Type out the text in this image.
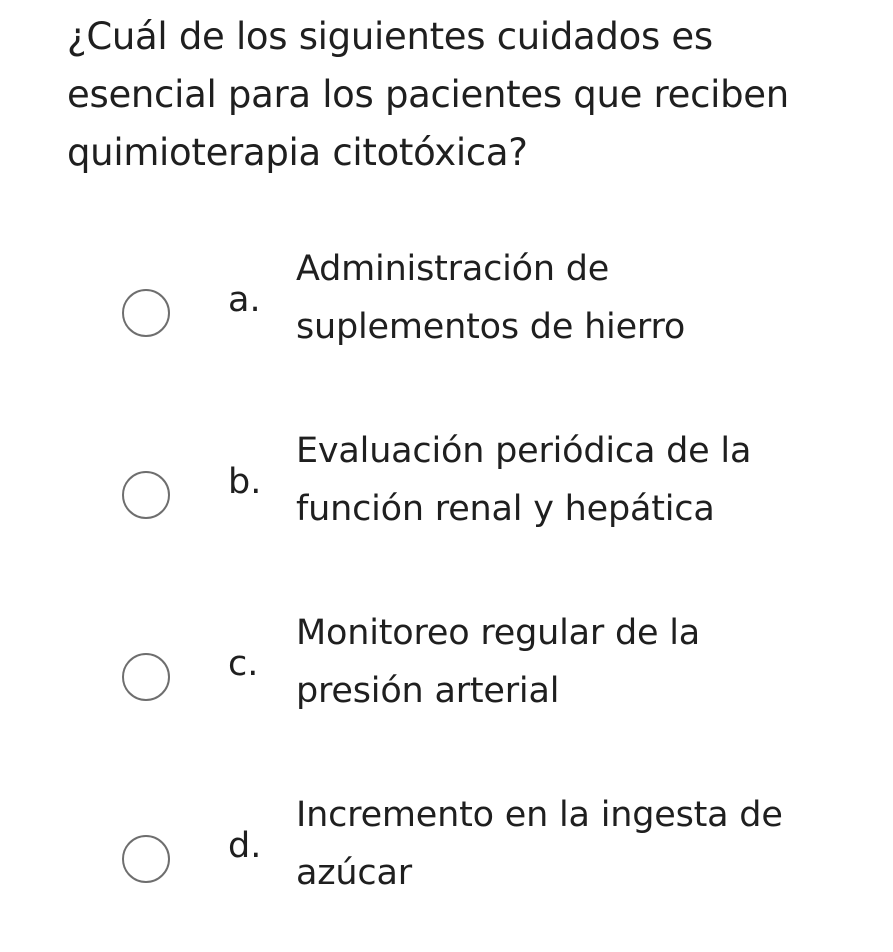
¿Cuál de los siguientes cuidados es esencial para los pacientes que reciben quimioterapia citotóxica?
a.
Administración de suplementos de hierro
b.
Evaluación periódica de la función renal y hepática
c.
Monitoreo regular de la presión arterial
d.
Incremento en la ingesta de azúcar
